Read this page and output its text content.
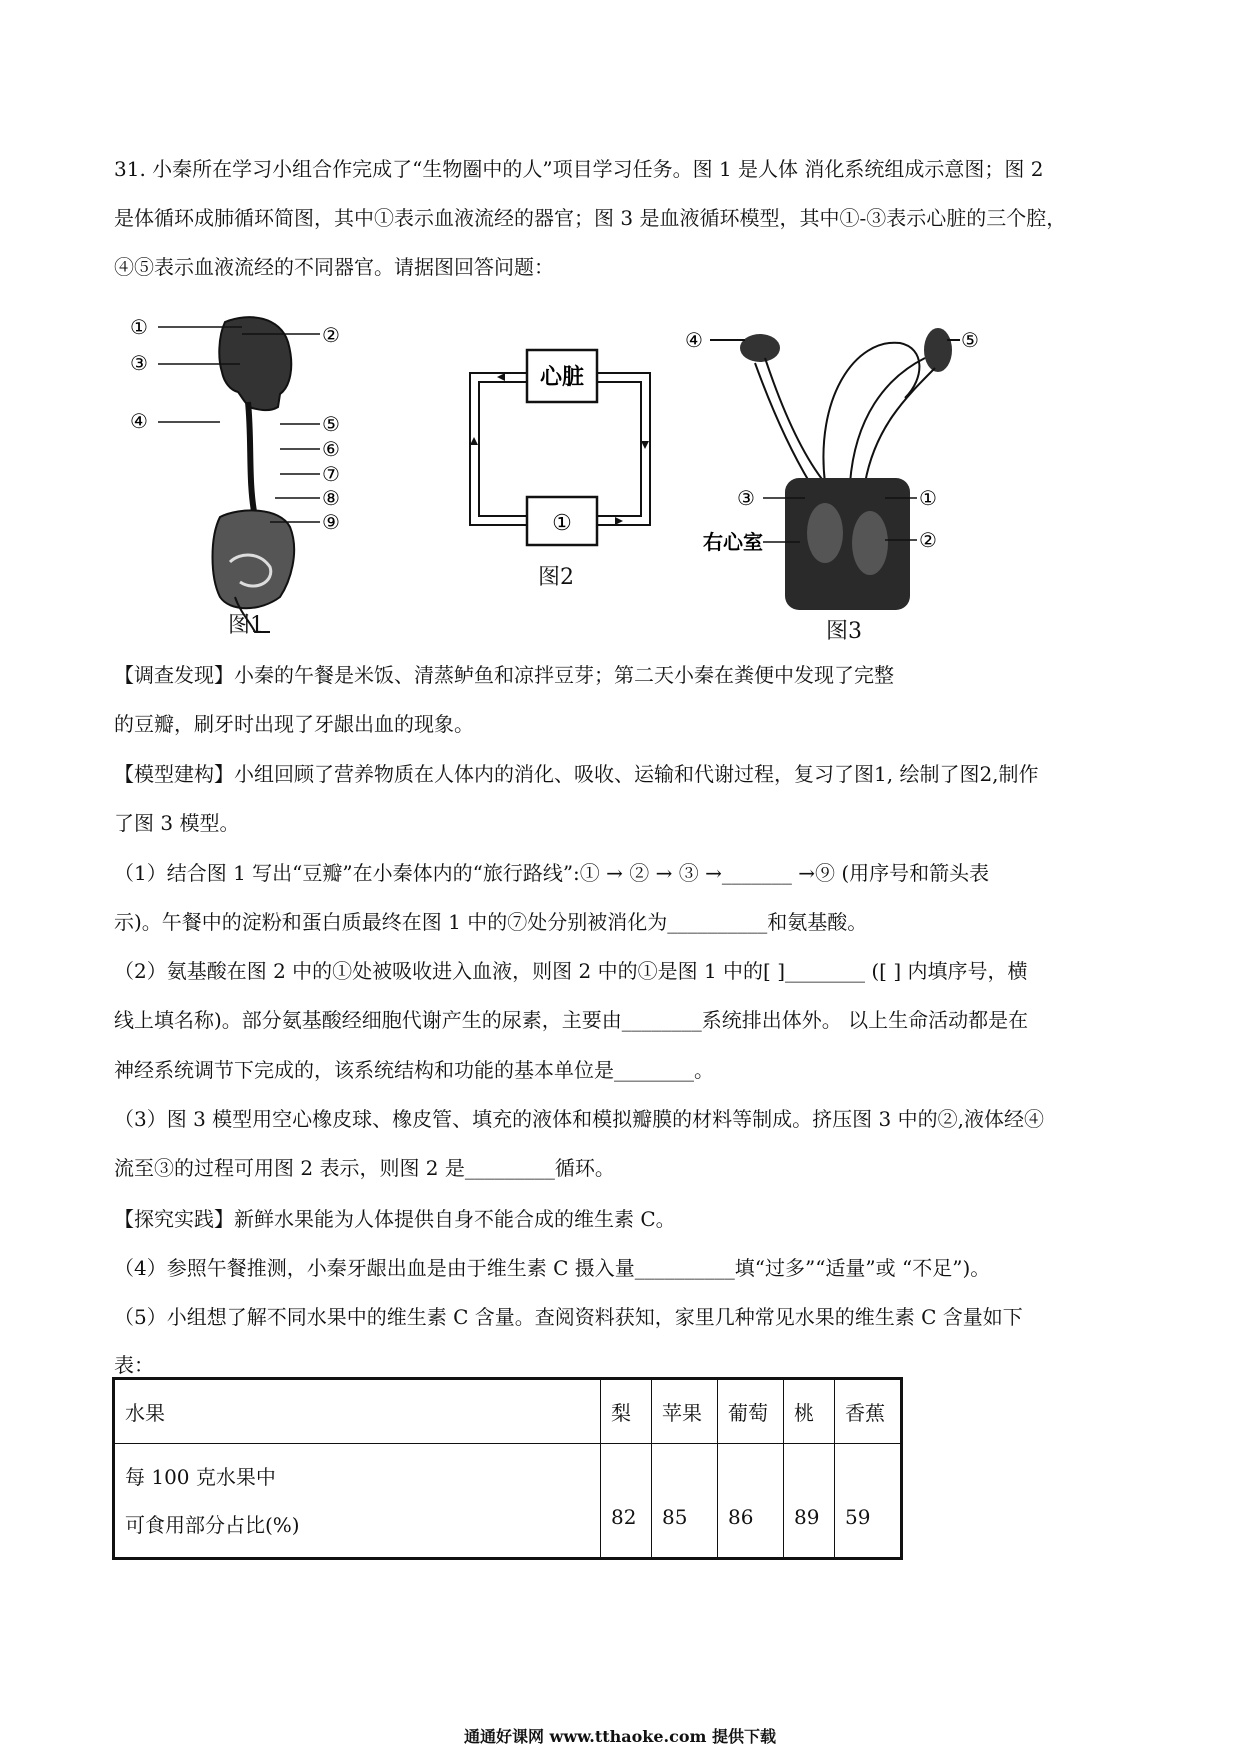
31. 小秦所在学习小组合作完成了“生物圈中的人”项目学习任务。图 1 是人体 消化系统组成示意图；图 2
是体循环成肺循环简图，其中①表示血液流经的器官；图 3 是血液循环模型，其中①-③表示心脏的三个腔，
④⑤表示血液流经的不同器官。请据图回答问题：
①	②
③
④	⑤
⑥
⑦
⑧
⑨
图1
心脏
①
图2
④	⑤
③	①
②
右心室
图3
【调查发现】小秦的午餐是米饭、清蒸鲈鱼和凉拌豆芽；第二天小秦在粪便中发现了完整
的豆瓣，刷牙时出现了牙龈出血的现象。
【模型建构】小组回顾了营养物质在人体内的消化、吸收、运输和代谢过程，复习了图1, 绘制了图2,制作
了图 3 模型。
（1）结合图 1 写出“豆瓣”在小秦体内的“旅行路线”:① → ② → ③ →_______ →⑨ (用序号和箭头表
示)。午餐中的淀粉和蛋白质最终在图 1 中的⑦处分别被消化为__________和氨基酸。
（2）氨基酸在图 2 中的①处被吸收进入血液，则图 2 中的①是图 1 中的[ ]________ ([ ] 内填序号，横
线上填名称)。部分氨基酸经细胞代谢产生的尿素，主要由________系统排出体外。 以上生命活动都是在
神经系统调节下完成的，该系统结构和功能的基本单位是________。
（3）图 3 模型用空心橡皮球、橡皮管、填充的液体和模拟瓣膜的材料等制成。挤压图 3 中的②,液体经④
流至③的过程可用图 2 表示，则图 2 是_________循环。
【探究实践】新鲜水果能为人体提供自身不能合成的维生素 C。
（4）参照午餐推测，小秦牙龈出血是由于维生素 C 摄入量__________填“过多”“适量”或 “不足”)。
（5）小组想了解不同水果中的维生素 C 含量。查阅资料获知，家里几种常见水果的维生素 C 含量如下
表：
水果	梨	苹果	葡萄	桃	香蕉

每 100 克水果中
可食用部分占比(%)	82	85	86	89	59
通通好课网 www.tthaoke.com 提供下载
